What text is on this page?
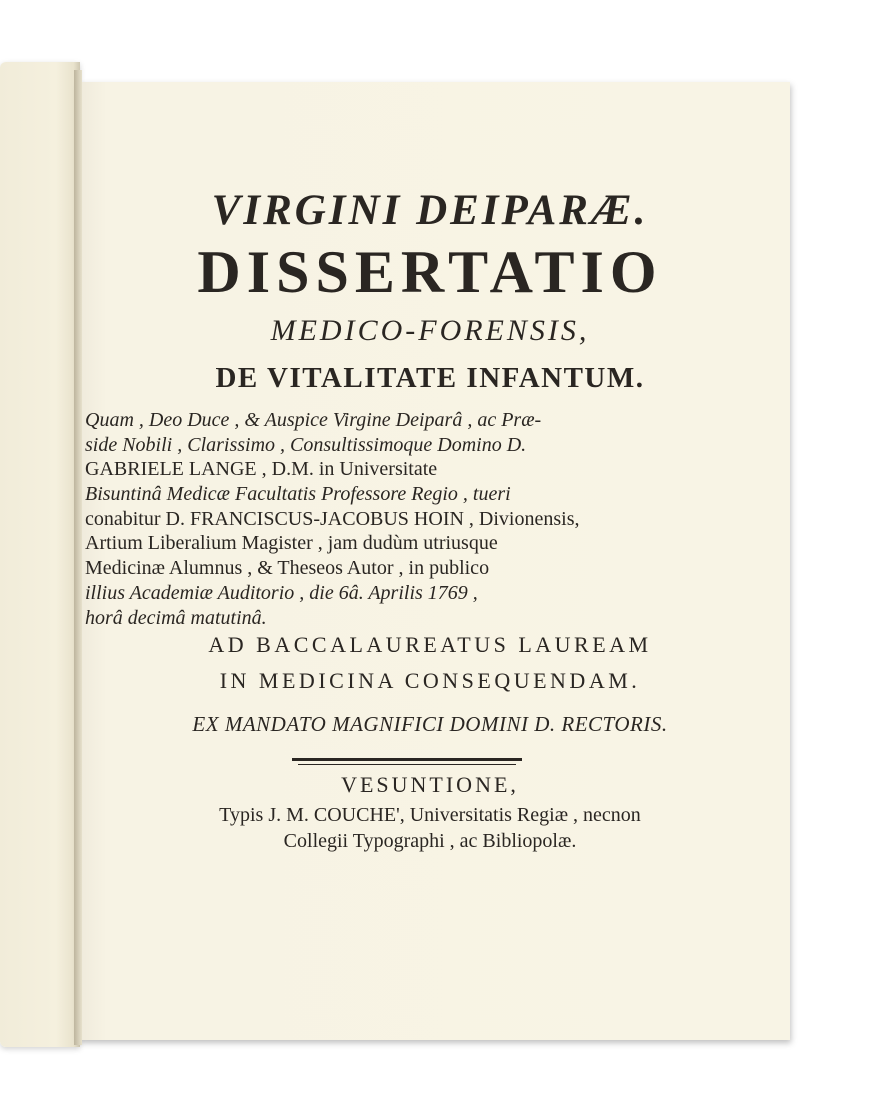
VIRGINI DEIPARÆ.
DISSERTATIO
MEDICO-FORENSIS,
DE VITALITATE INFANTUM.
AD BACCALAUREATUS LAUREAM
IN MEDICINA CONSEQUENDAM.
EX MANDATO MAGNIFICI DOMINI D. RECTORIS.
VESUNTIONE,
Typis J. M. COUCHE', Universitatis Regiæ , necnon
Collegii Typographi , ac Bibliopolæ.
Quam , Deo Duce , & Auspice Virgine Deiparâ , ac Præ-
side Nobili , Clarissimo , Consultissimoque Domino D.
GABRIELE LANGE , D.M. in Universitate
Bisuntinâ Medicæ Facultatis Professore Regio , tueri
conabitur D. FRANCISCUS-JACOBUS HOIN , Divionensis,
Artium Liberalium Magister , jam dudùm utriusque
Medicinæ Alumnus , & Theseos Autor , in publico
illius Academiæ Auditorio , die 6â. Aprilis 1769 ,
horâ decimâ matutinâ.
